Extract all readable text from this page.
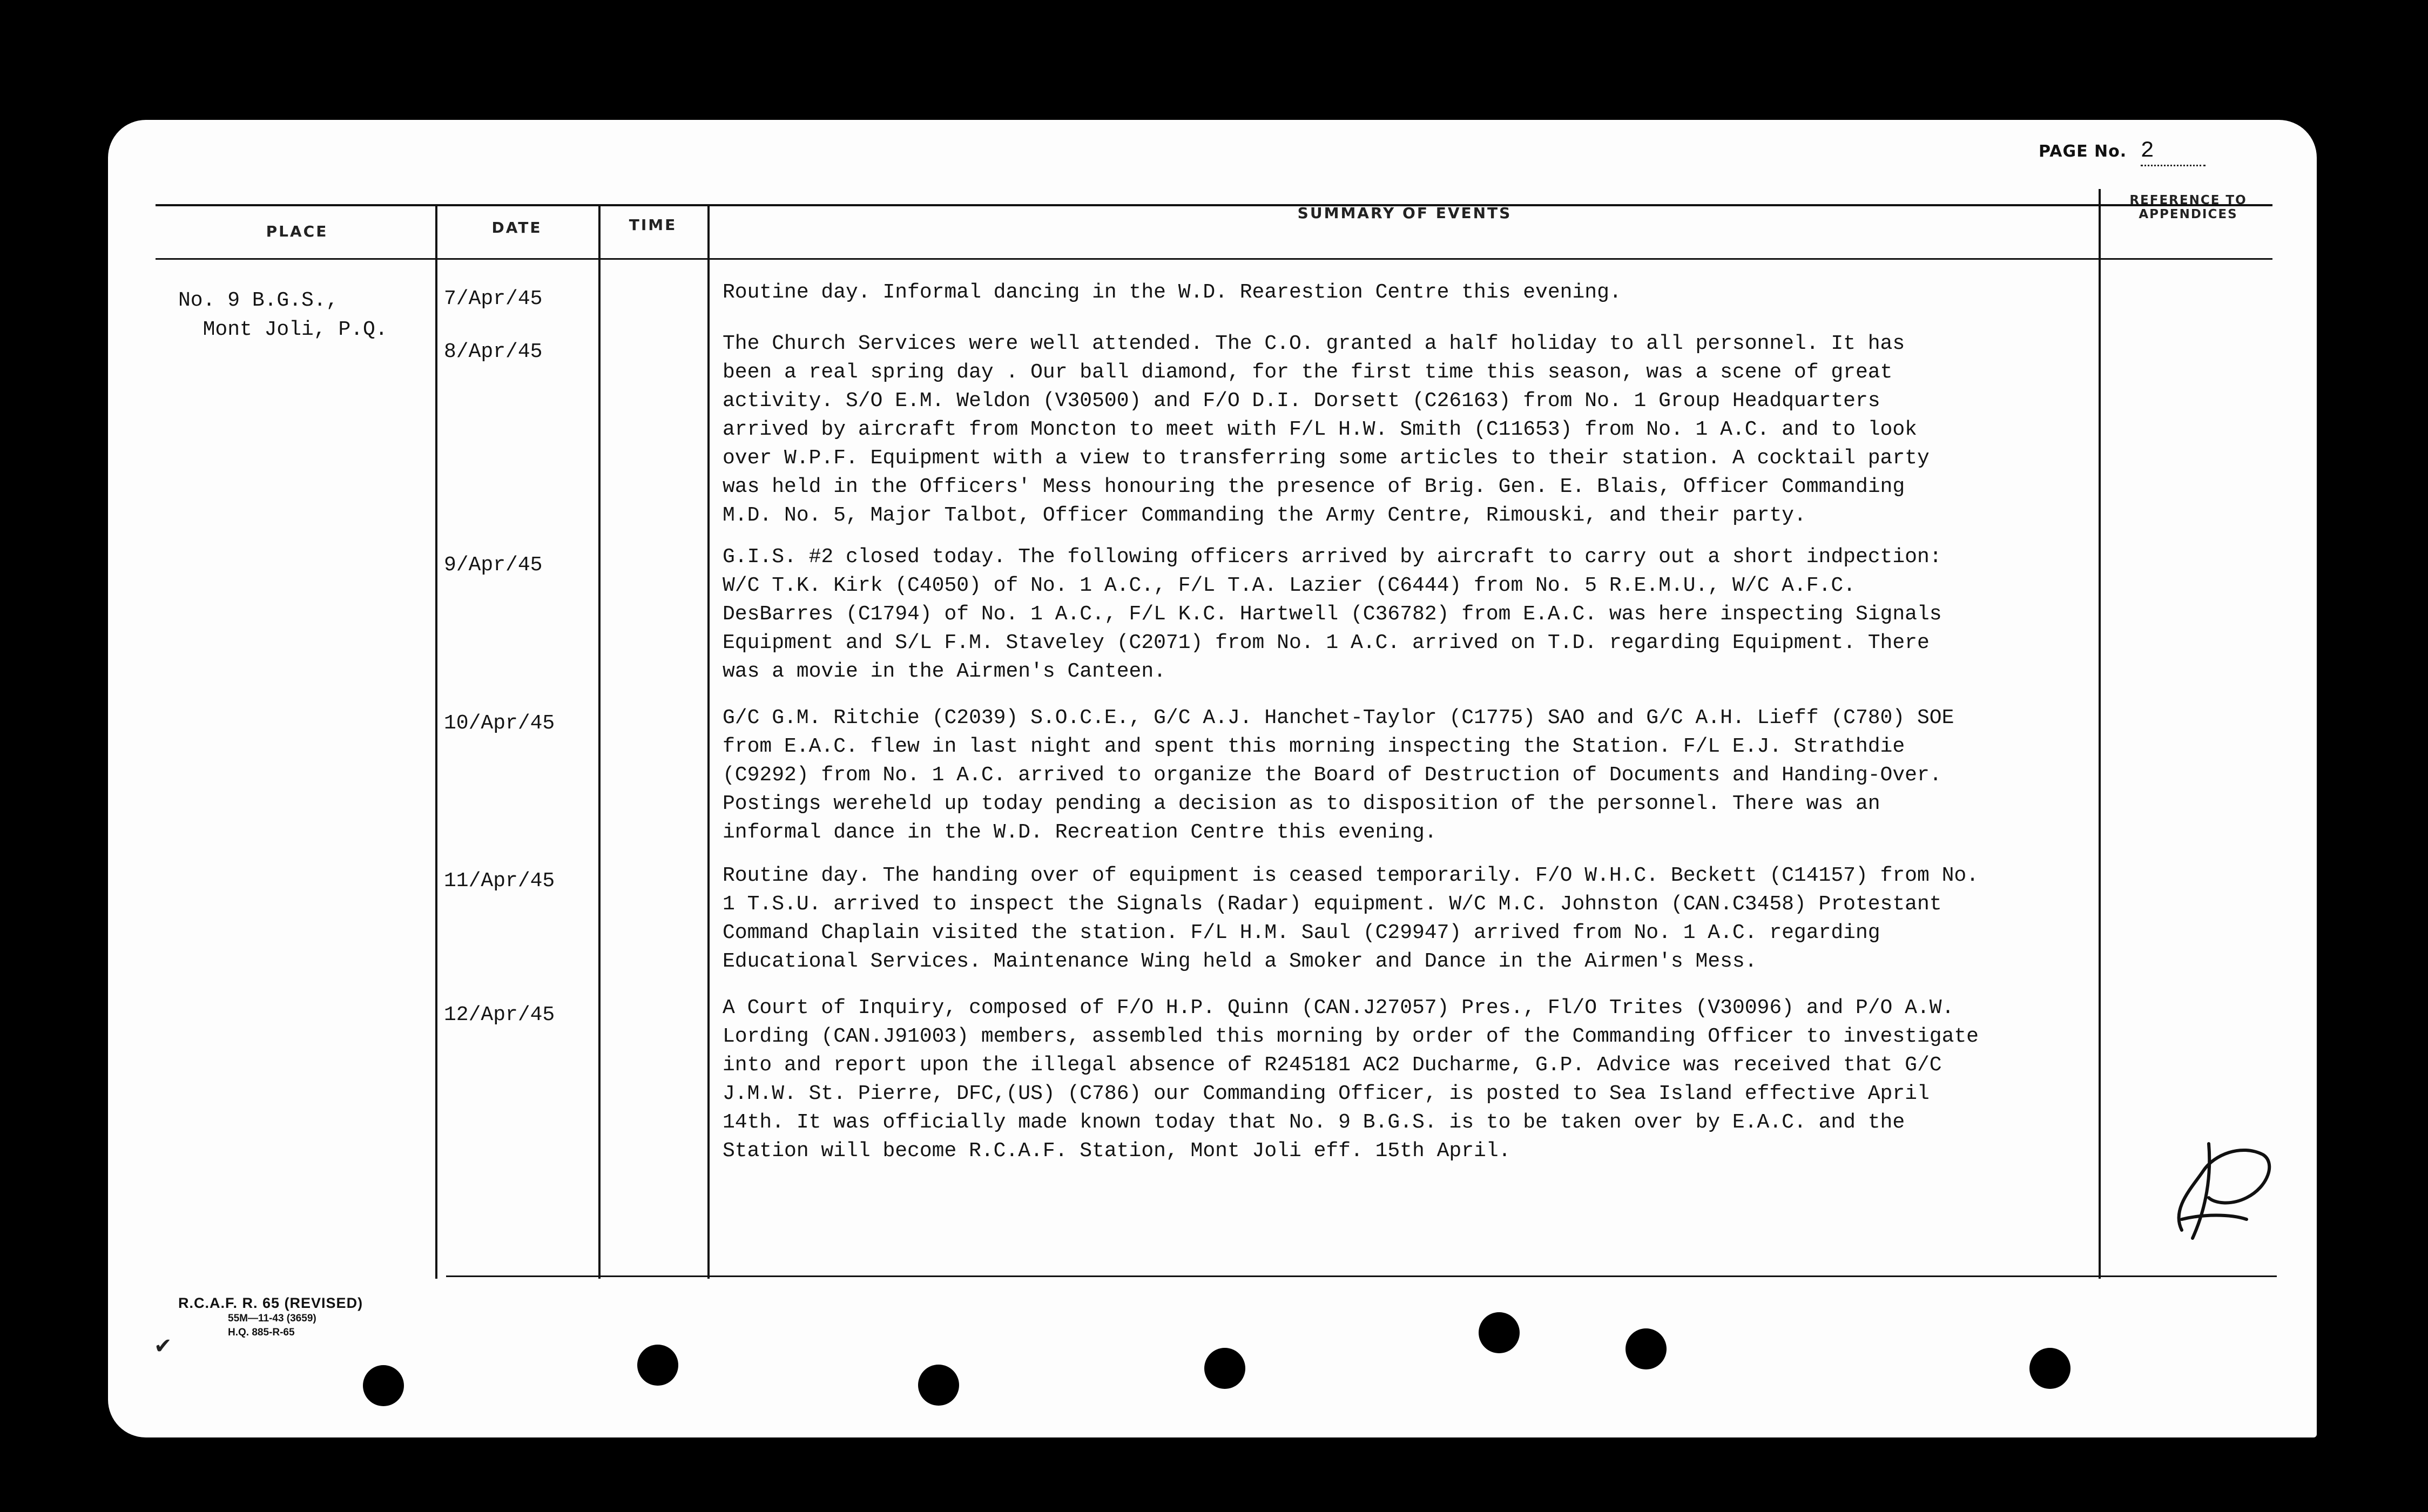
PAGE No. 2
PLACE	DATE	TIME
SUMMARY OF EVENTS
REFERENCE TO
APPENDICES
No. 9 B.G.S.,
Mont Joli, P.Q.
7/Apr/45
8/Apr/45
9/Apr/45
10/Apr/45
11/Apr/45
12/Apr/45
Routine day. Informal dancing in the W.D. Rearestion Centre this evening.
The Church Services were well attended. The C.O. granted a half holiday to all personnel. It has
been a real spring day . Our ball diamond, for the first time this season, was a scene of great
activity. S/O E.M. Weldon (V30500) and F/O D.I. Dorsett (C26163) from No. 1 Group Headquarters
arrived by aircraft from Moncton to meet with F/L H.W. Smith (C11653) from No. 1 A.C. and to look
over W.P.F. Equipment with a view to transferring some articles to their station. A cocktail party
was held in the Officers' Mess honouring the presence of Brig. Gen. E. Blais, Officer Commanding
M.D. No. 5, Major Talbot, Officer Commanding the Army Centre, Rimouski, and their party.
G.I.S. #2 closed today. The following officers arrived by aircraft to carry out a short indpection:
W/C T.K. Kirk (C4050) of No. 1 A.C., F/L T.A. Lazier (C6444) from No. 5 R.E.M.U., W/C A.F.C.
DesBarres (C1794) of No. 1 A.C., F/L K.C. Hartwell (C36782) from E.A.C. was here inspecting Signals
Equipment and S/L F.M. Staveley (C2071) from No. 1 A.C. arrived on T.D. regarding Equipment. There
was a movie in the Airmen's Canteen.
G/C G.M. Ritchie (C2039) S.O.C.E., G/C A.J. Hanchet-Taylor (C1775) SAO and G/C A.H. Lieff (C780) SOE
from E.A.C. flew in last night and spent this morning inspecting the Station. F/L E.J. Strathdie
(C9292) from No. 1 A.C. arrived to organize the Board of Destruction of Documents and Handing-Over.
Postings wereheld up today pending a decision as to disposition of the personnel. There was an
informal dance in the W.D. Recreation Centre this evening.
Routine day. The handing over of equipment is ceased temporarily. F/O W.H.C. Beckett (C14157) from No.
1 T.S.U. arrived to inspect the Signals (Radar) equipment. W/C M.C. Johnston (CAN.C3458) Protestant
Command Chaplain visited the station. F/L H.M. Saul (C29947) arrived from No. 1 A.C. regarding
Educational Services. Maintenance Wing held a Smoker and Dance in the Airmen's Mess.
A Court of Inquiry, composed of F/O H.P. Quinn (CAN.J27057) Pres., Fl/O Trites (V30096) and P/O A.W.
Lording (CAN.J91003) members, assembled this morning by order of the Commanding Officer to investigate
into and report upon the illegal absence of R245181 AC2 Ducharme, G.P. Advice was received that G/C
J.M.W. St. Pierre, DFC,(US) (C786) our Commanding Officer, is posted to Sea Island effective April
14th. It was officially made known today that No. 9 B.G.S. is to be taken over by E.A.C. and the
Station will become R.C.A.F. Station, Mont Joli eff. 15th April.
R.C.A.F. R. 65 (REVISED)
55M—11-43 (3659)
H.Q. 885-R-65
✔
